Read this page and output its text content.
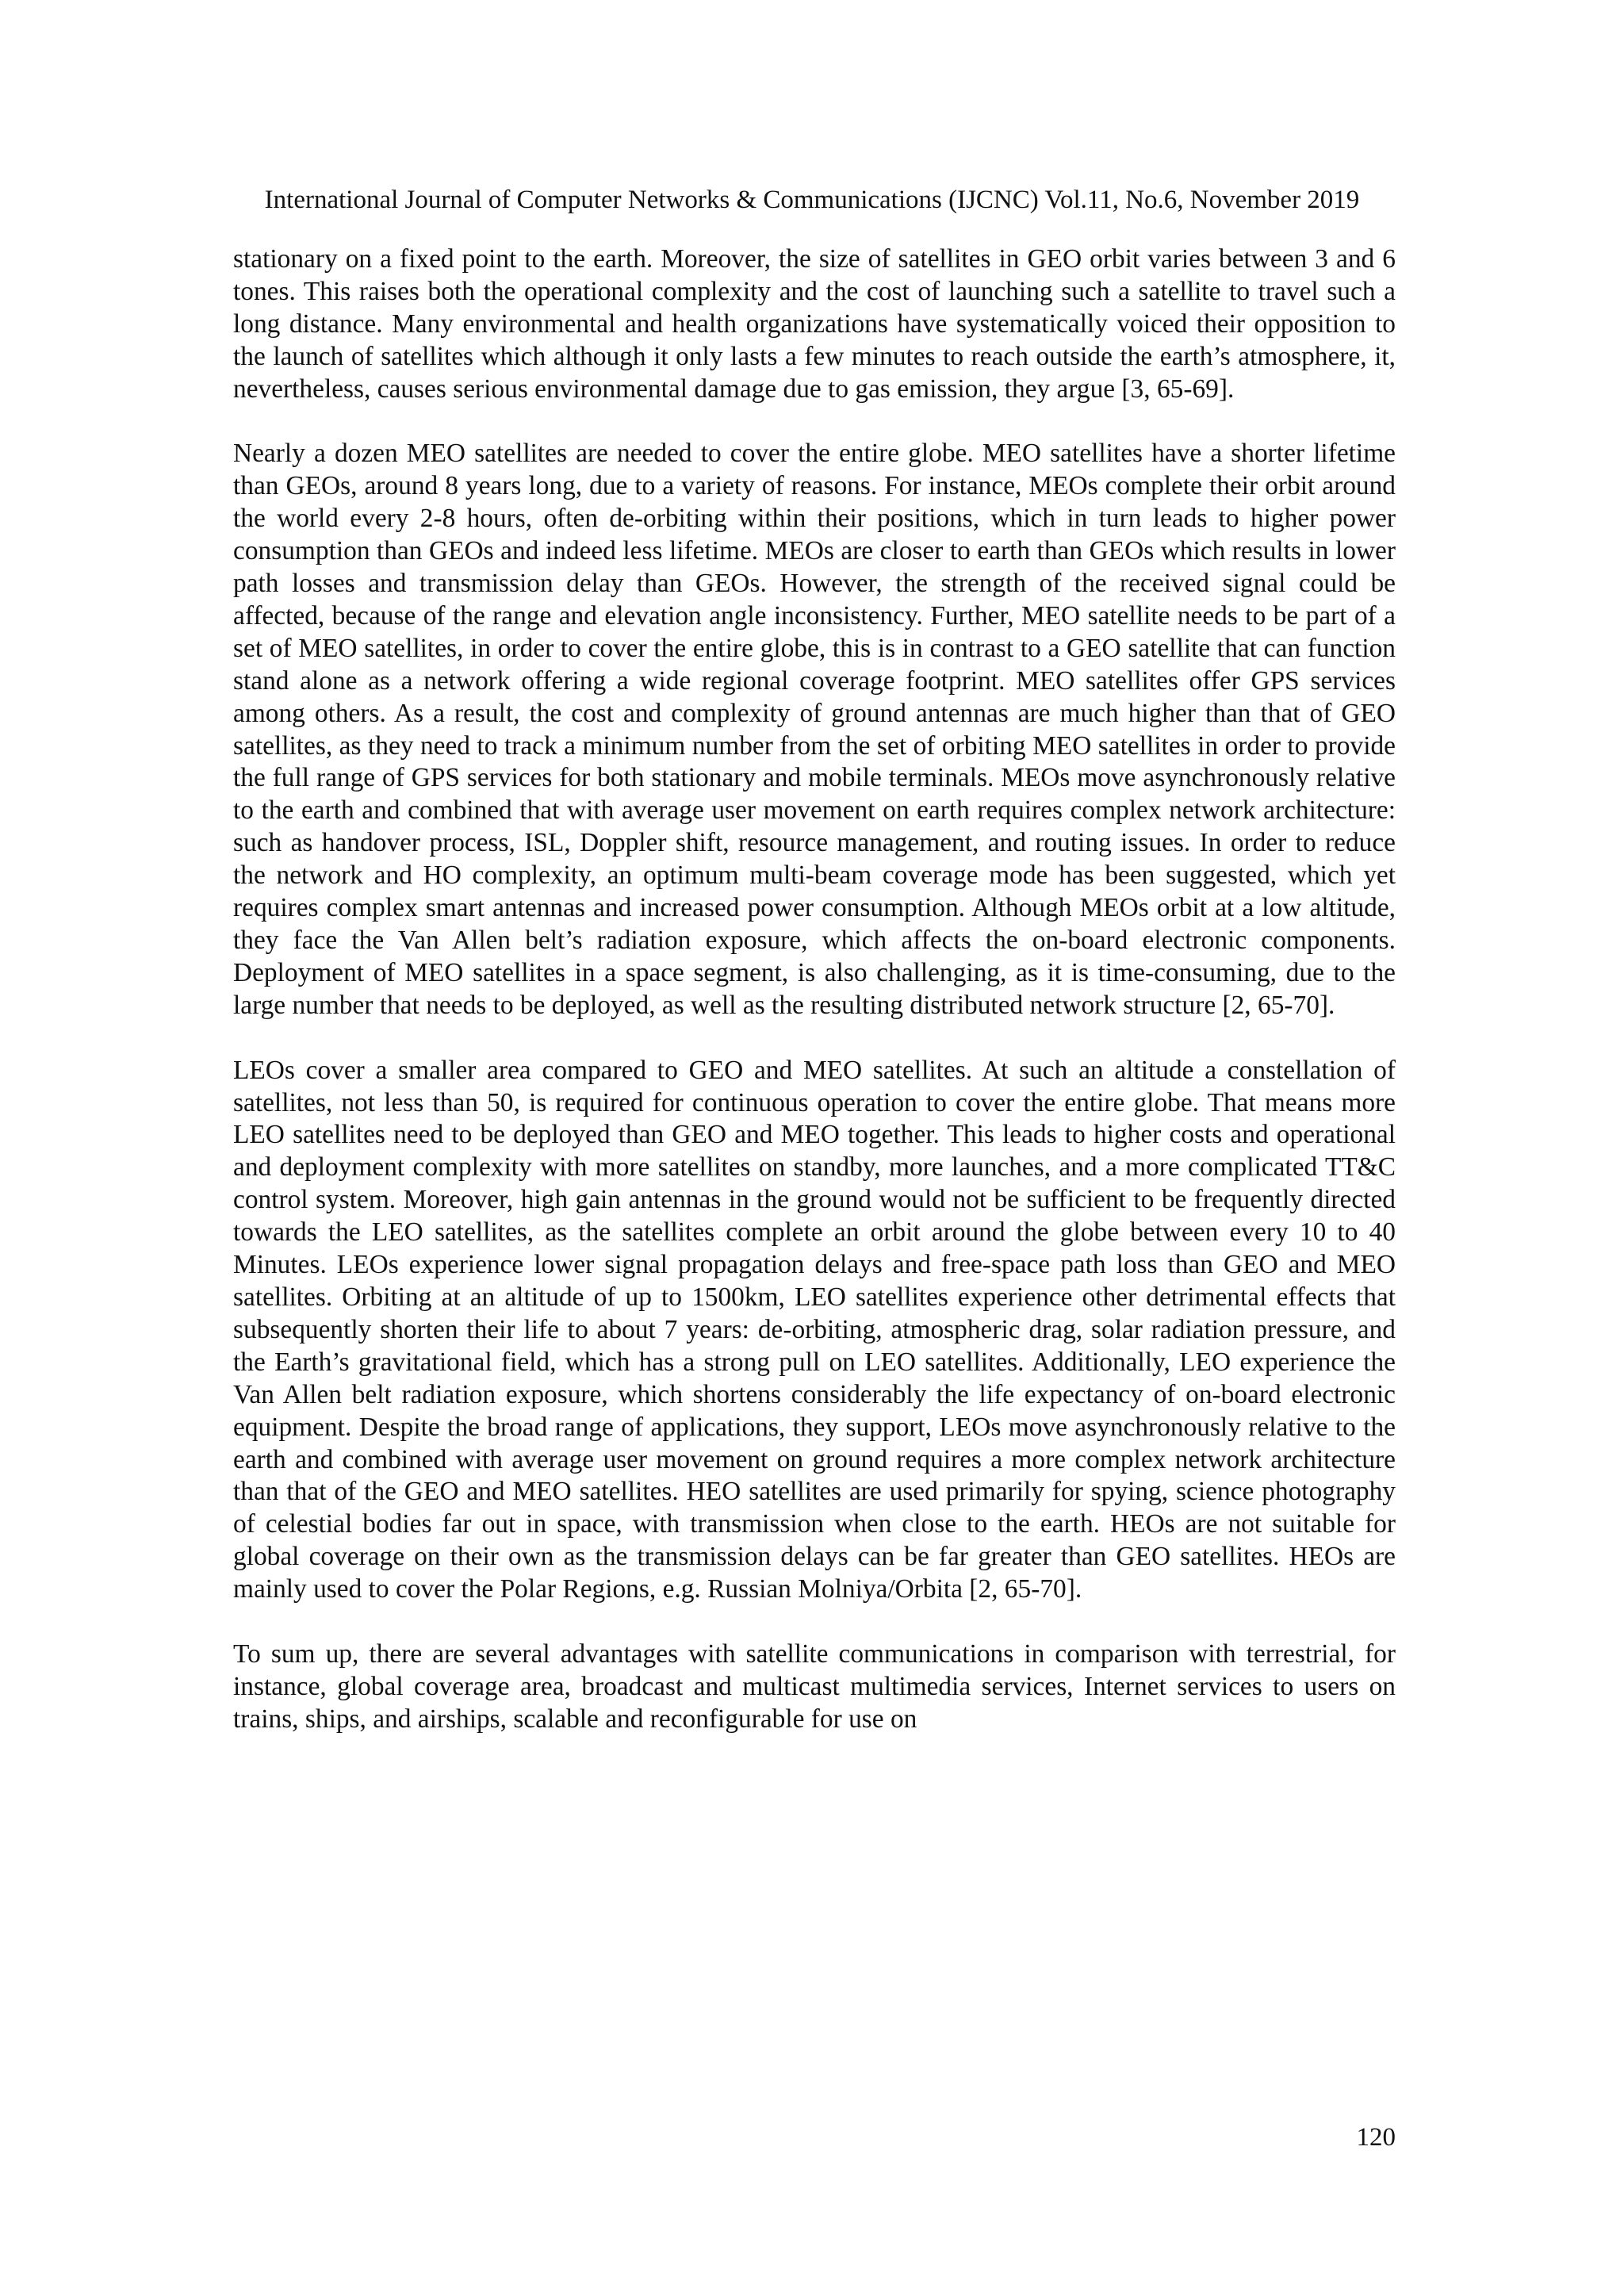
International Journal of Computer Networks & Communications (IJCNC) Vol.11, No.6, November 2019

stationary on a fixed point to the earth. Moreover, the size of satellites in GEO orbit varies between 3 and 6 tones. This raises both the operational complexity and the cost of launching such a satellite to travel such a long distance. Many environmental and health organizations have systematically voiced their opposition to the launch of satellites which although it only lasts a few minutes to reach outside the earth’s atmosphere, it, nevertheless, causes serious environmental damage due to gas emission, they argue [3, 65-69].

Nearly a dozen MEO satellites are needed to cover the entire globe. MEO satellites have a shorter lifetime than GEOs, around 8 years long, due to a variety of reasons. For instance, MEOs complete their orbit around the world every 2-8 hours, often de-orbiting within their positions, which in turn leads to higher power consumption than GEOs and indeed less lifetime. MEOs are closer to earth than GEOs which results in lower path losses and transmission delay than GEOs. However, the strength of the received signal could be affected, because of the range and elevation angle inconsistency. Further, MEO satellite needs to be part of a set of MEO satellites, in order to cover the entire globe, this is in contrast to a GEO satellite that can function stand alone as a network offering a wide regional coverage footprint. MEO satellites offer GPS services among others. As a result, the cost and complexity of ground antennas are much higher than that of GEO satellites, as they need to track a minimum number from the set of orbiting MEO satellites in order to provide the full range of GPS services for both stationary and mobile terminals. MEOs move asynchronously relative to the earth and combined that with average user movement on earth requires complex network architecture: such as handover process, ISL, Doppler shift, resource management, and routing issues. In order to reduce the network and HO complexity, an optimum multi-beam coverage mode has been suggested, which yet requires complex smart antennas and increased power consumption. Although MEOs orbit at a low altitude, they face the Van Allen belt’s radiation exposure, which affects the on-board electronic components. Deployment of MEO satellites in a space segment, is also challenging, as it is time-consuming, due to the large number that needs to be deployed, as well as the resulting distributed network structure [2, 65-70].

LEOs cover a smaller area compared to GEO and MEO satellites. At such an altitude a constellation of satellites, not less than 50, is required for continuous operation to cover the entire globe. That means more LEO satellites need to be deployed than GEO and MEO together. This leads to higher costs and operational and deployment complexity with more satellites on standby, more launches, and a more complicated TT&C control system. Moreover, high gain antennas in the ground would not be sufficient to be frequently directed towards the LEO satellites, as the satellites complete an orbit around the globe between every 10 to 40 Minutes. LEOs experience lower signal propagation delays and free-space path loss than GEO and MEO satellites. Orbiting at an altitude of up to 1500km, LEO satellites experience other detrimental effects that subsequently shorten their life to about 7 years: de-orbiting, atmospheric drag, solar radiation pressure, and the Earth’s gravitational field, which has a strong pull on LEO satellites. Additionally, LEO experience the Van Allen belt radiation exposure, which shortens considerably the life expectancy of on-board electronic equipment. Despite the broad range of applications, they support, LEOs move asynchronously relative to the earth and combined with average user movement on ground requires a more complex network architecture than that of the GEO and MEO satellites. HEO satellites are used primarily for spying, science photography of celestial bodies far out in space, with transmission when close to the earth. HEOs are not suitable for global coverage on their own as the transmission delays can be far greater than GEO satellites. HEOs are mainly used to cover the Polar Regions, e.g. Russian Molniya/Orbita [2, 65-70].

To sum up, there are several advantages with satellite communications in comparison with terrestrial, for instance, global coverage area, broadcast and multicast multimedia services, Internet services to users on trains, ships, and airships, scalable and reconfigurable for use on

120
